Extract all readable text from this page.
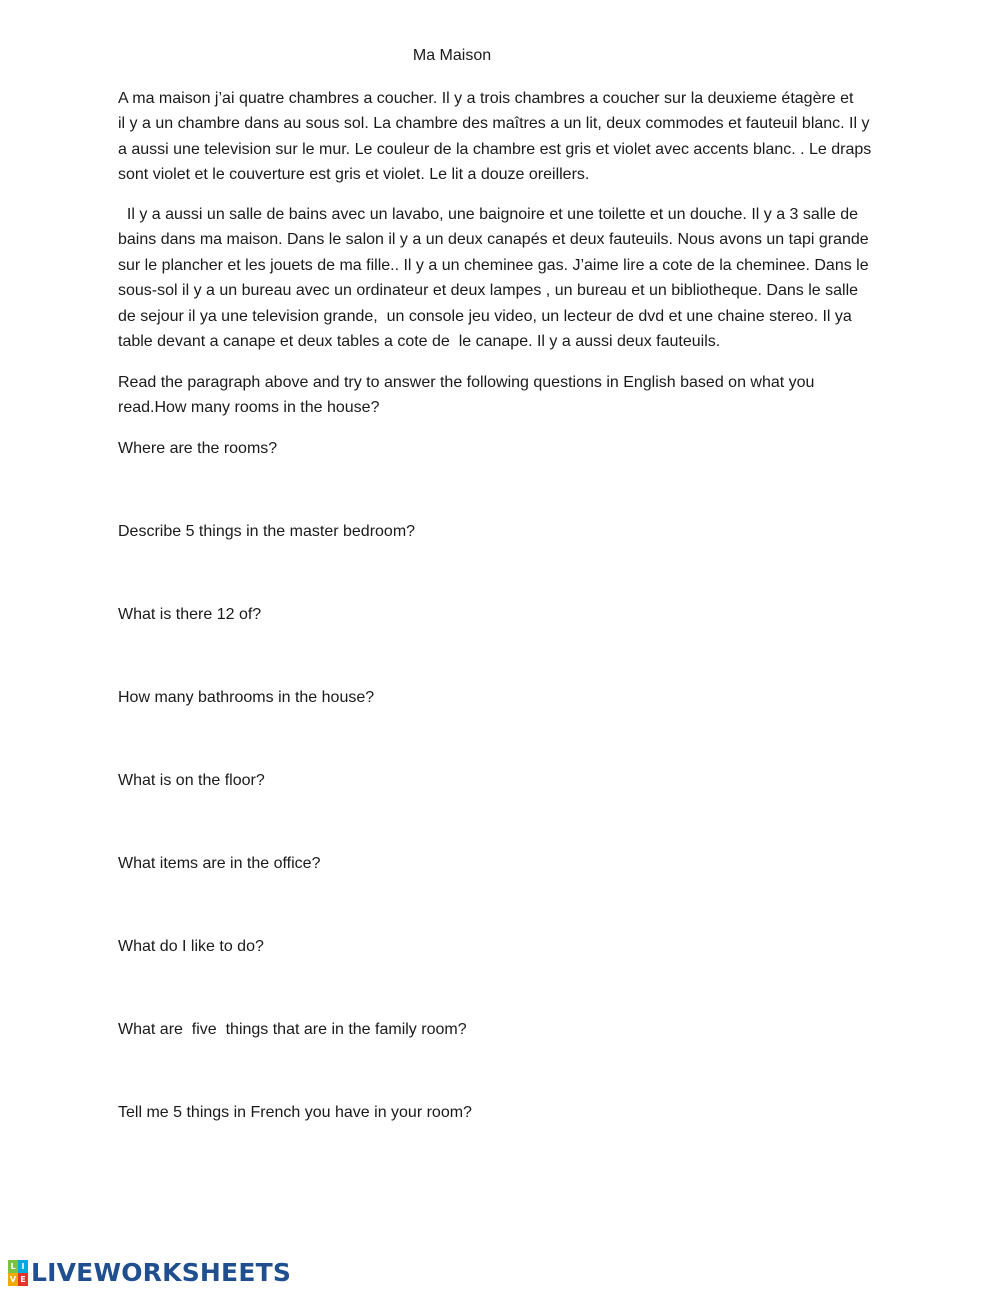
Ma Maison
A ma maison j’ai quatre chambres a coucher. Il y a trois chambres a coucher sur la deuxieme étagère et
il y a un chambre dans au sous sol. La chambre des maîtres a un lit, deux commodes et fauteuil blanc. Il y
a aussi une television sur le mur. Le couleur de la chambre est gris et violet avec accents blanc. . Le draps
sont violet et le couverture est gris et violet. Le lit a douze oreillers.
Il y a aussi un salle de bains avec un lavabo, une baignoire et une toilette et un douche. Il y a 3 salle de
bains dans ma maison. Dans le salon il y a un deux canapés et deux fauteuils. Nous avons un tapi grande
sur le plancher et les jouets de ma fille.. Il y a un cheminee gas. J’aime lire a cote de la cheminee. Dans le
sous-sol il y a un bureau avec un ordinateur et deux lampes , un bureau et un bibliotheque. Dans le salle
de sejour il ya une television grande,  un console jeu video, un lecteur de dvd et une chaine stereo. Il ya
table devant a canape et deux tables a cote de  le canape. Il y a aussi deux fauteuils.
Read the paragraph above and try to answer the following questions in English based on what you
read.How many rooms in the house?
Where are the rooms?
Describe 5 things in the master bedroom?
What is there 12 of?
How many bathrooms in the house?
What is on the floor?
What items are in the office?
What do I like to do?
What are  five  things that are in the family room?
Tell me 5 things in French you have in your room?
L I
V E LIVEWORKSHEETS
